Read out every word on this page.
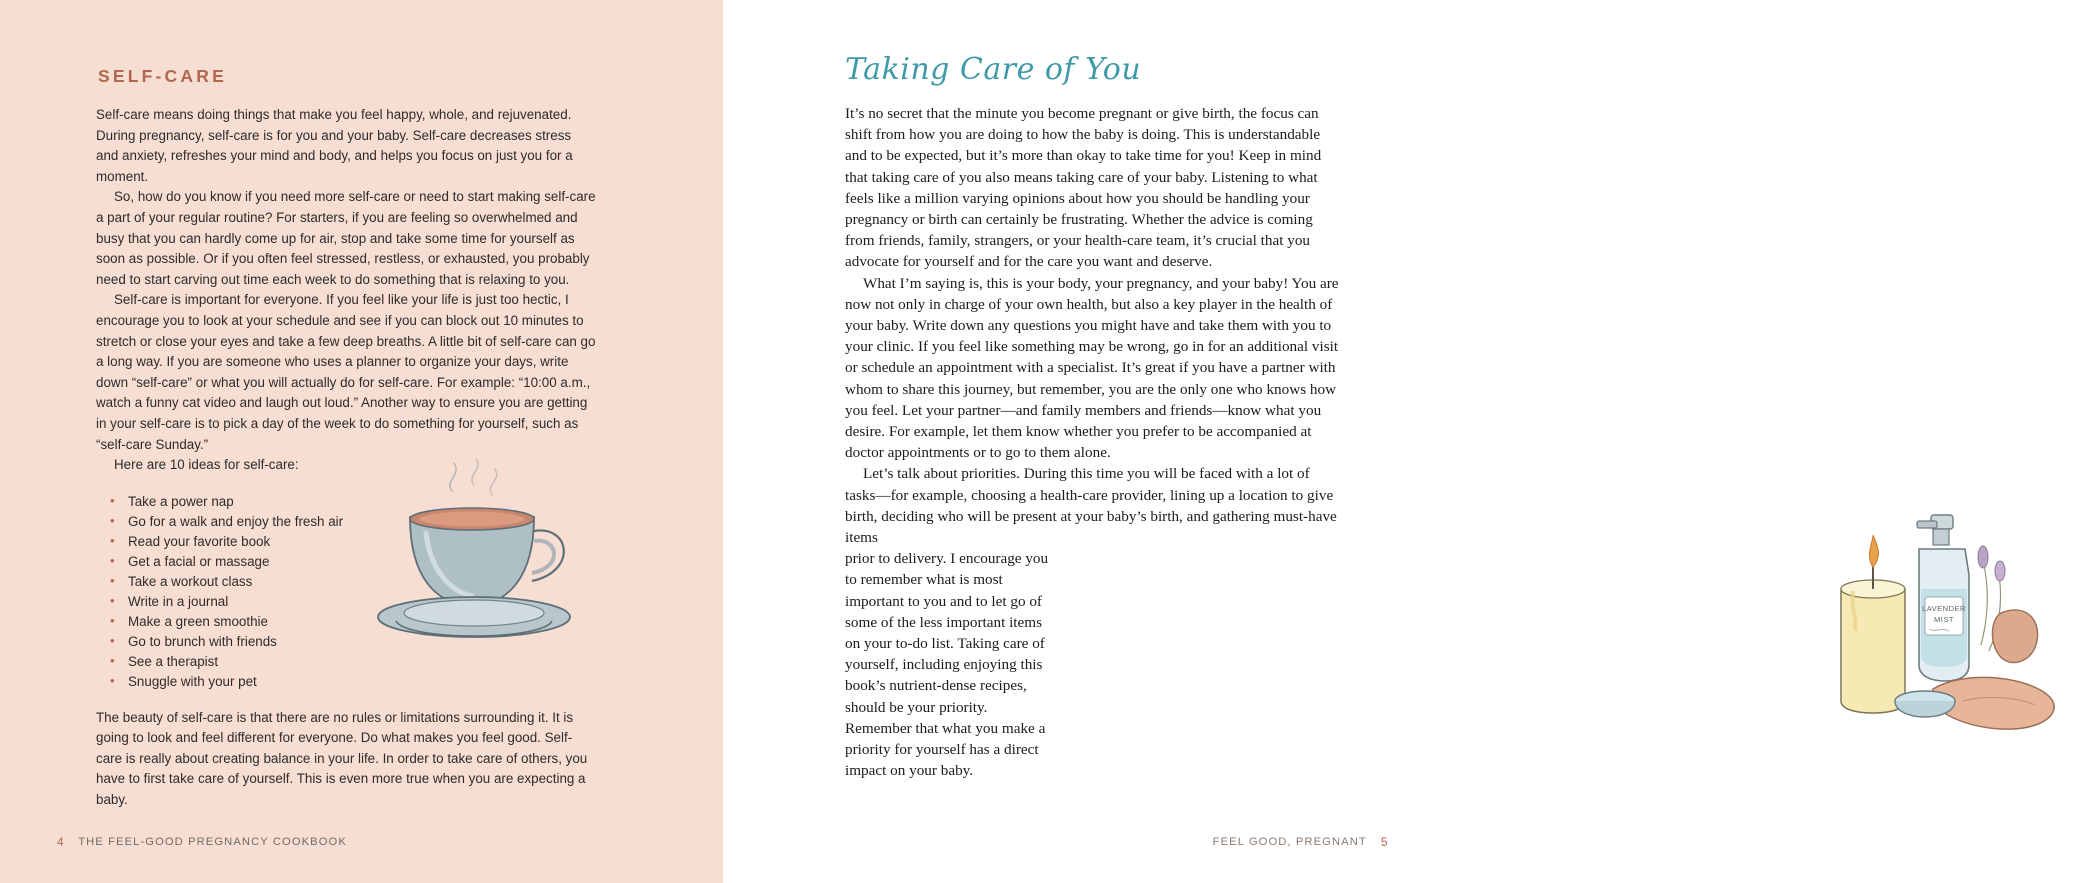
SELF-CARE

Self-care means doing things that make you feel happy, whole, and rejuvenated. During pregnancy, self-care is for you and your baby. Self-care decreases stress and anxiety, refreshes your mind and body, and helps you focus on just you for a moment.

So, how do you know if you need more self-care or need to start making self-care a part of your regular routine? For starters, if you are feeling so overwhelmed and busy that you can hardly come up for air, stop and take some time for yourself as soon as possible. Or if you often feel stressed, restless, or exhausted, you probably need to start carving out time each week to do something that is relaxing to you.

Self-care is important for everyone. If you feel like your life is just too hectic, I encourage you to look at your schedule and see if you can block out 10 minutes to stretch or close your eyes and take a few deep breaths. A little bit of self-care can go a long way. If you are someone who uses a planner to organize your days, write down “self-care” or what you will actually do for self-care. For example: “10:00 a.m., watch a funny cat video and laugh out loud.” Another way to ensure you are getting in your self-care is to pick a day of the week to do something for yourself, such as “self-care Sunday.”

Here are 10 ideas for self-care:

• Take a power nap
• Go for a walk and enjoy the fresh air
• Read your favorite book
• Get a facial or massage
• Take a workout class
• Write in a journal
• Make a green smoothie
• Go to brunch with friends
• See a therapist
• Snuggle with your pet

The beauty of self-care is that there are no rules or limitations surrounding it. It is going to look and feel different for everyone. Do what makes you feel good. Self-care is really about creating balance in your life. In order to take care of others, you have to first take care of yourself. This is even more true when you are expecting a baby.

4 THE FEEL-GOOD PREGNANCY COOKBOOK
Taking Care of You

It’s no secret that the minute you become pregnant or give birth, the focus can shift from how you are doing to how the baby is doing. This is understandable and to be expected, but it’s more than okay to take time for you! Keep in mind that taking care of you also means taking care of your baby. Listening to what feels like a million varying opinions about how you should be handling your pregnancy or birth can certainly be frustrating. Whether the advice is coming from friends, family, strangers, or your health-care team, it’s crucial that you advocate for yourself and for the care you want and deserve.

What I’m saying is, this is your body, your pregnancy, and your baby! You are now not only in charge of your own health, but also a key player in the health of your baby. Write down any questions you might have and take them with you to your clinic. If you feel like something may be wrong, go in for an additional visit or schedule an appointment with a specialist. It’s great if you have a partner with whom to share this journey, but remember, you are the only one who knows how you feel. Let your partner—and family members and friends—know what you desire. For example, let them know whether you prefer to be accompanied at doctor appointments or to go to them alone.

Let’s talk about priorities. During this time you will be faced with a lot of tasks—for example, choosing a health-care provider, lining up a location to give birth, deciding who will be present at your baby’s birth, and gathering must-have items

prior to delivery. I encourage you to remember what is most important to you and to let go of some of the less important items on your to-do list. Taking care of yourself, including enjoying this book’s nutrient-dense recipes, should be your priority. Remember that what you make a priority for yourself has a direct impact on your baby.

LAVENDER
MIST
FEEL GOOD, PREGNANT 5
